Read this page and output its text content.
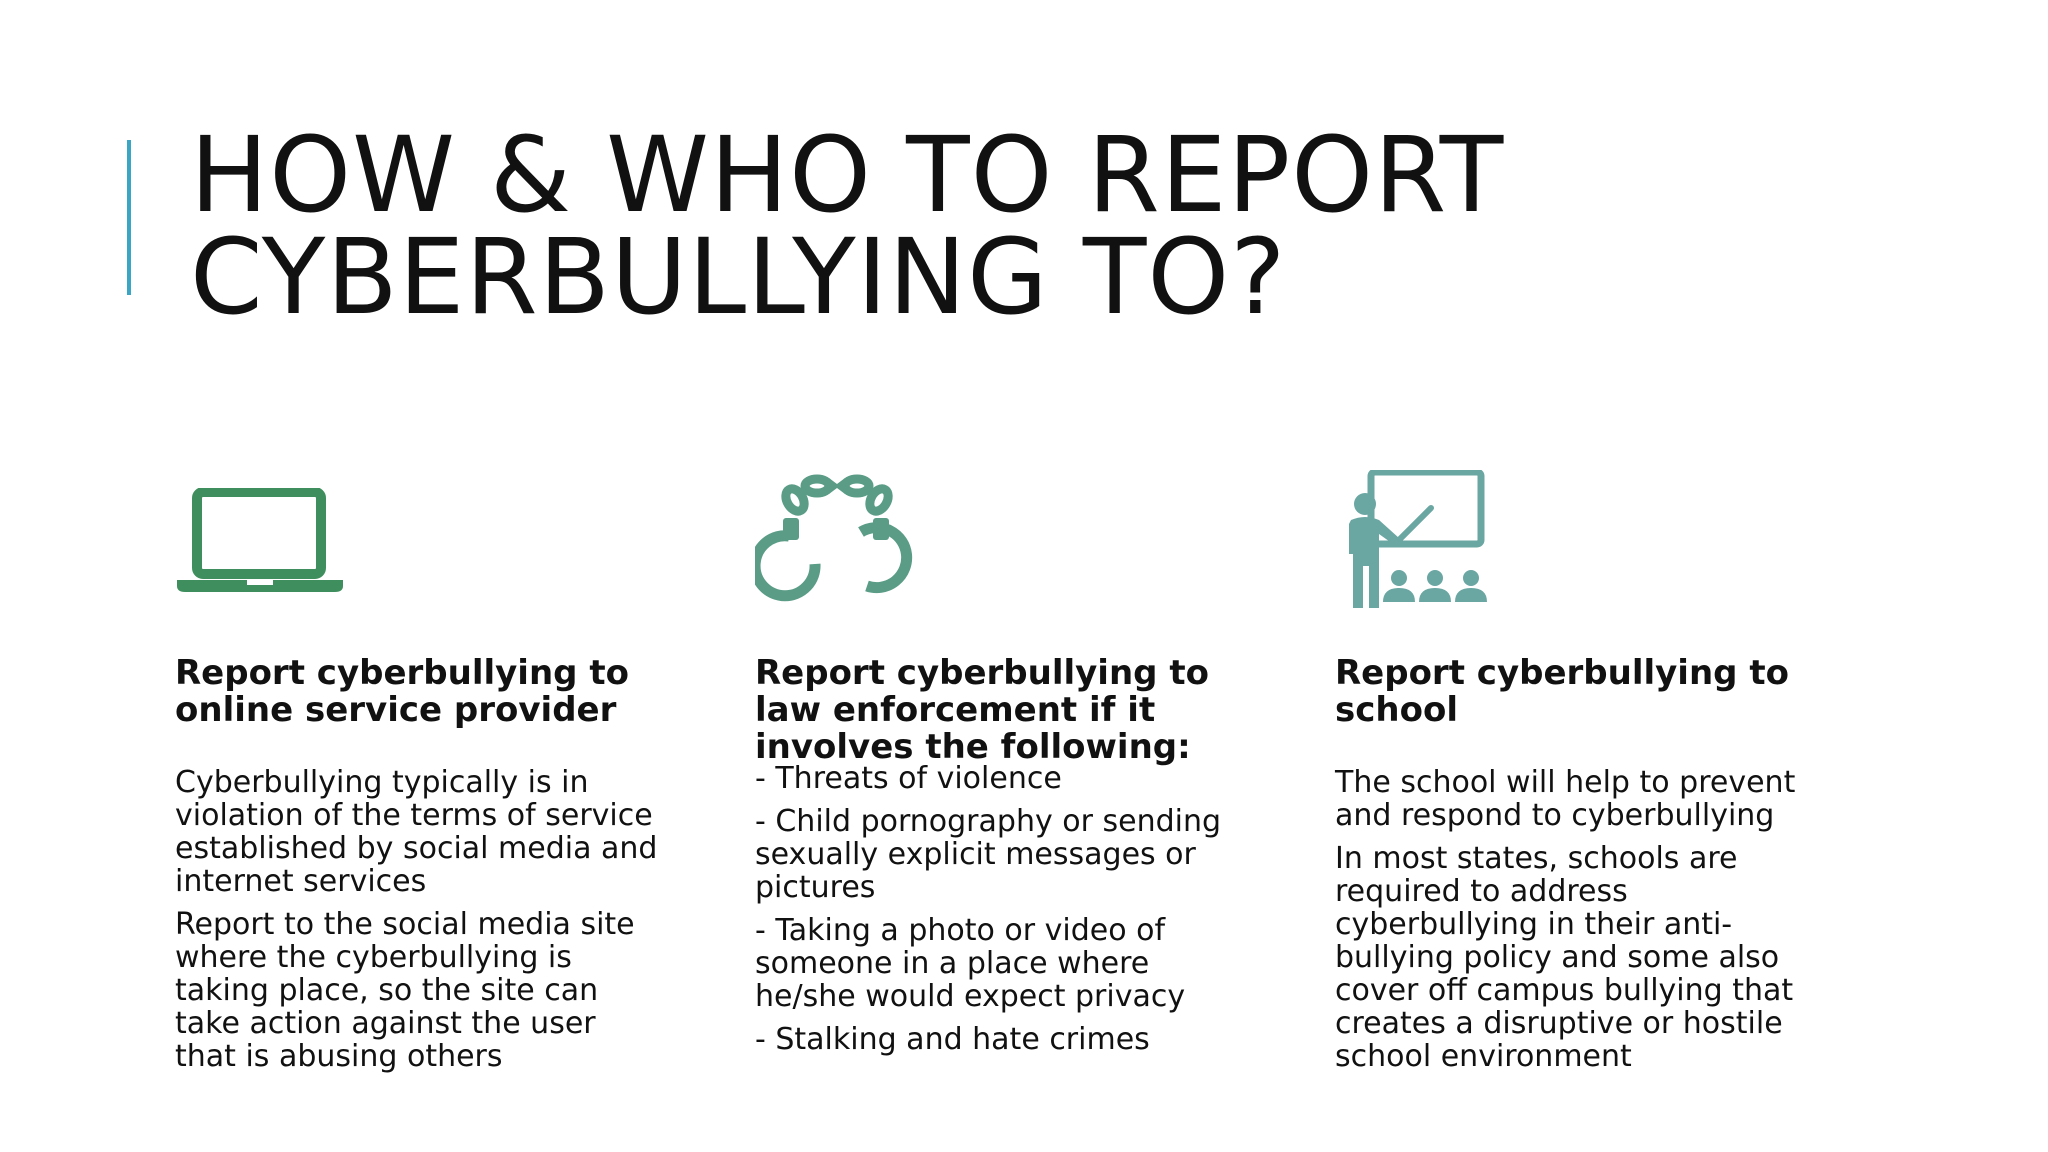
HOW & WHO TO REPORT
CYBERBULLYING TO?
Report cyberbullying to
online service provider

Cyberbullying typically is in
violation of the terms of service
established by social media and
internet services

Report to the social media site
where the cyberbullying is
taking place, so the site can
take action against the user
that is abusing others

Report cyberbullying to
law enforcement if it
involves the following:

- Threats of violence

- Child pornography or sending
sexually explicit messages or
pictures

- Taking a photo or video of
someone in a place where
he/she would expect privacy

- Stalking and hate crimes

Report cyberbullying to
school

The school will help to prevent
and respond to cyberbullying

In most states, schools are
required to address
cyberbullying in their anti-
bullying policy and some also
cover off campus bullying that
creates a disruptive or hostile
school environment
